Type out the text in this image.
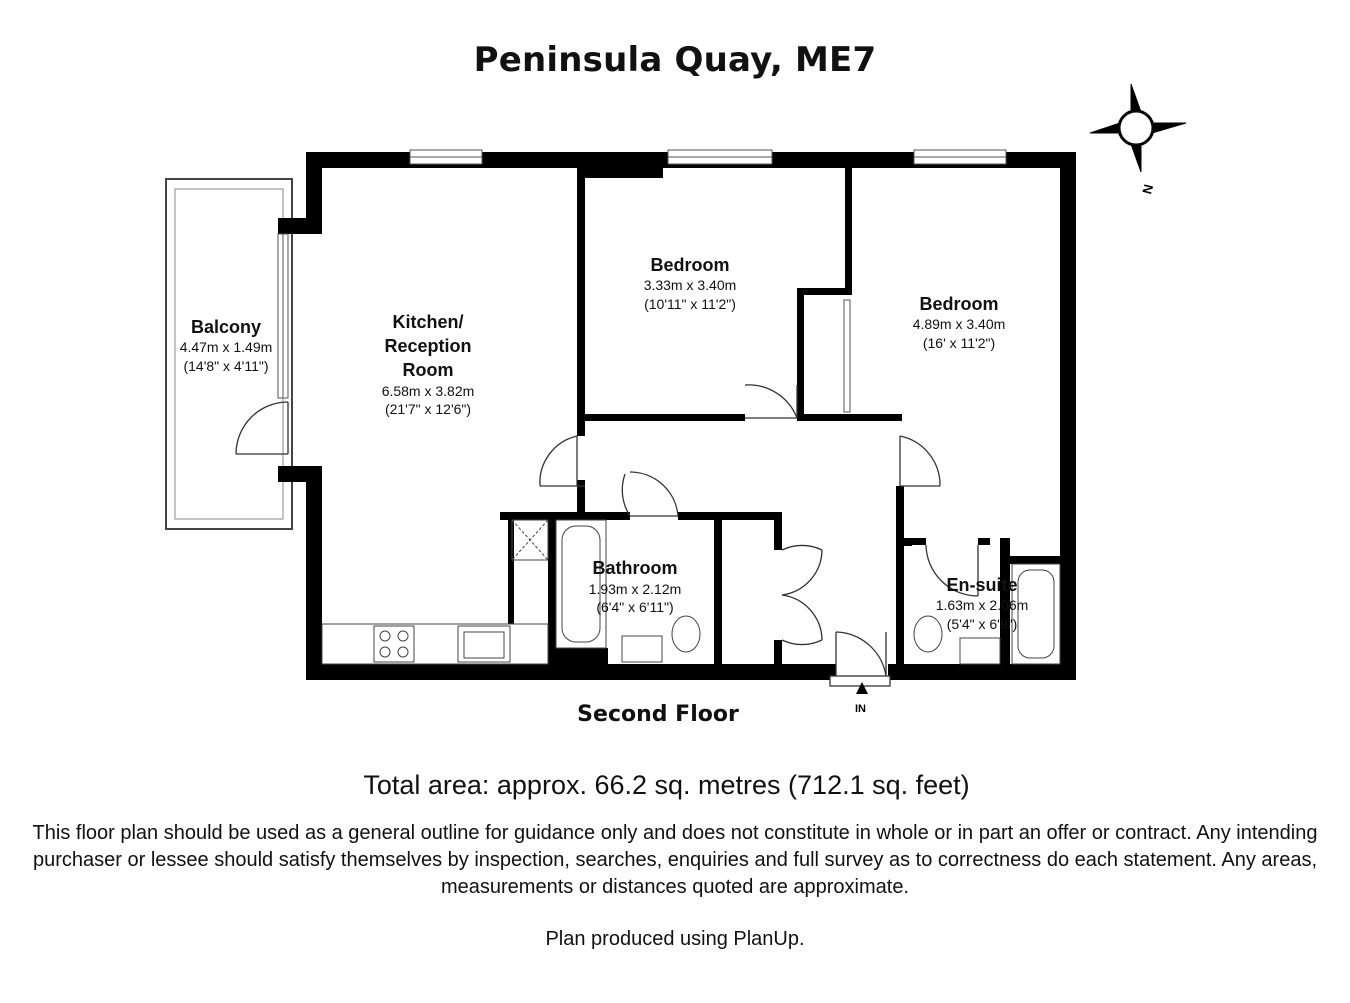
Peninsula Quay, ME7
N
IN
Balcony
4.47m x 1.49m
(14'8" x 4'11")
Kitchen/
Reception
Room
6.58m x 3.82m
(21'7" x 12'6")
Bedroom
3.33m x 3.40m
(10'11" x 11'2")	Bedroom
4.89m x 3.40m
(16' x 11'2")
Bathroom
1.93m x 2.12m
(6'4" x 6'11")
En-suite
1.63m x 2.06m
(5'4" x 6'9")
Second Floor
Total area: approx. 66.2 sq. metres (712.1 sq. feet)
This floor plan should be used as a general outline for guidance only and does not constitute in whole or in part an offer or contract. Any intending purchaser or lessee should satisfy themselves by inspection, searches, enquiries and full survey as to correctness do each statement. Any areas, measurements or distances quoted are approximate.
Plan produced using PlanUp.
